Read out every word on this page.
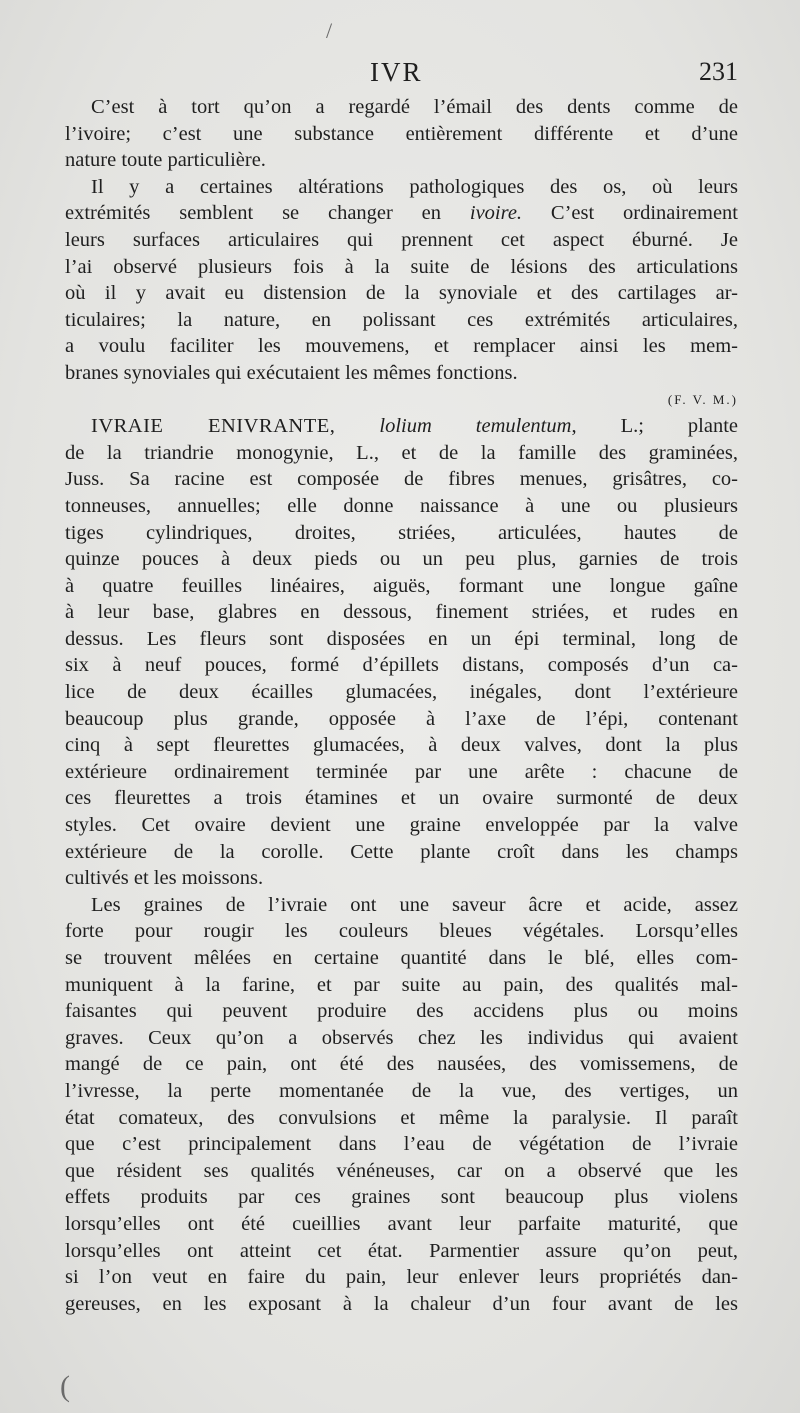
IVR	231
C’est à tort qu’on a regardé l’émail des dents comme de
l’ivoire; c’est une substance entièrement différente et d’une
nature toute particulière.
Il y a certaines altérations pathologiques des os, où leurs
extrémités semblent se changer en ivoire. C’est ordinairement
leurs surfaces articulaires qui prennent cet aspect éburné. Je
l’ai observé plusieurs fois à la suite de lésions des articulations
où il y avait eu distension de la synoviale et des cartilages ar-
ticulaires; la nature, en polissant ces extrémités articulaires,
a voulu faciliter les mouvemens, et remplacer ainsi les mem-
branes synoviales qui exécutaient les mêmes fonctions.
(F. V. M.)
IVRAIE ENIVRANTE, lolium temulentum, L.; plante
de la triandrie monogynie, L., et de la famille des graminées,
Juss. Sa racine est composée de fibres menues, grisâtres, co-
tonneuses, annuelles; elle donne naissance à une ou plusieurs
tiges cylindriques, droites, striées, articulées, hautes de
quinze pouces à deux pieds ou un peu plus, garnies de trois
à quatre feuilles linéaires, aiguës, formant une longue gaîne
à leur base, glabres en dessous, finement striées, et rudes en
dessus. Les fleurs sont disposées en un épi terminal, long de
six à neuf pouces, formé d’épillets distans, composés d’un ca-
lice de deux écailles glumacées, inégales, dont l’extérieure
beaucoup plus grande, opposée à l’axe de l’épi, contenant
cinq à sept fleurettes glumacées, à deux valves, dont la plus
extérieure ordinairement terminée par une arête : chacune de
ces fleurettes a trois étamines et un ovaire surmonté de deux
styles. Cet ovaire devient une graine enveloppée par la valve
extérieure de la corolle. Cette plante croît dans les champs
cultivés et les moissons.
Les graines de l’ivraie ont une saveur âcre et acide, assez
forte pour rougir les couleurs bleues végétales. Lorsqu’elles
se trouvent mêlées en certaine quantité dans le blé, elles com-
muniquent à la farine, et par suite au pain, des qualités mal-
faisantes qui peuvent produire des accidens plus ou moins
graves. Ceux qu’on a observés chez les individus qui avaient
mangé de ce pain, ont été des nausées, des vomissemens, de
l’ivresse, la perte momentanée de la vue, des vertiges, un
état comateux, des convulsions et même la paralysie. Il paraît
que c’est principalement dans l’eau de végétation de l’ivraie
que résident ses qualités vénéneuses, car on a observé que les
effets produits par ces graines sont beaucoup plus violens
lorsqu’elles ont été cueillies avant leur parfaite maturité, que
lorsqu’elles ont atteint cet état. Parmentier assure qu’on peut,
si l’on veut en faire du pain, leur enlever leurs propriétés dan-
gereuses, en les exposant à la chaleur d’un four avant de les
/
(
